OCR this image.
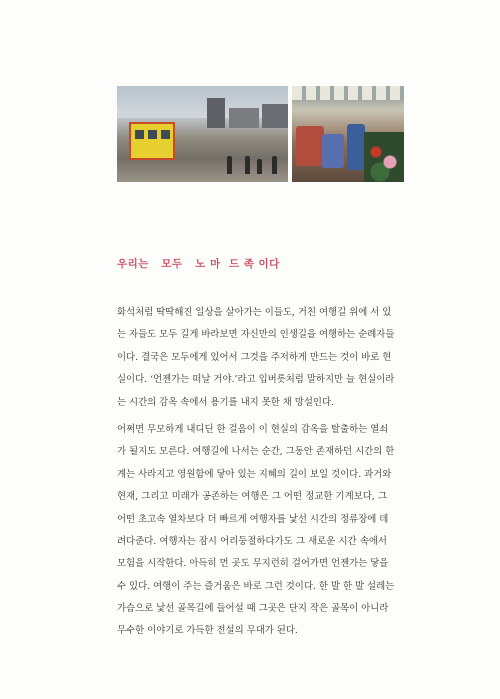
우리는   모두   노 마  드 족 이다

화석처럼 딱딱해진 일상을 살아가는 이들도, 거친 여행길 위에 서 있
는 자들도 모두 길게 바라보면 자신만의 인생길을 여행하는 순례자들
이다. 결국은 모두에게 있어서 그것을 주저하게 만드는 것이 바로 현
실이다. ‘언젠가는 떠날 거야.’라고 입버릇처럼 말하지만 늘 현실이라
는 시간의 감옥 속에서 용기를 내지 못한 채 망설인다.

어쩌면 무모하게 내디딘 한 걸음이 이 현실의 감옥을 탈출하는 열쇠
가 될지도 모른다. 여행길에 나서는 순간, 그동안 존재하던 시간의 한
계는 사라지고 영원함에 닿아 있는 지혜의 길이 보일 것이다. 과거와
현재, 그리고 미래가 공존하는 여행은 그 어떤 정교한 기계보다, 그
어떤 초고속 열차보다 더 빠르게 여행자를 낯선 시간의 정류장에 데
려다준다. 여행자는 잠시 어리둥절하다가도 그 새로운 시간 속에서
모험을 시작한다. 아득히 먼 곳도 무지런히 걸어가면 언젠가는 닿을
수 있다. 여행이 주는 즐거움은 바로 그런 것이다. 한 발 한 발 설레는
가슴으로 낯선 골목길에 들어설 때 그곳은 단지 작은 골목이 아니라
무수한 이야기로 가득한 전설의 무대가 된다.
